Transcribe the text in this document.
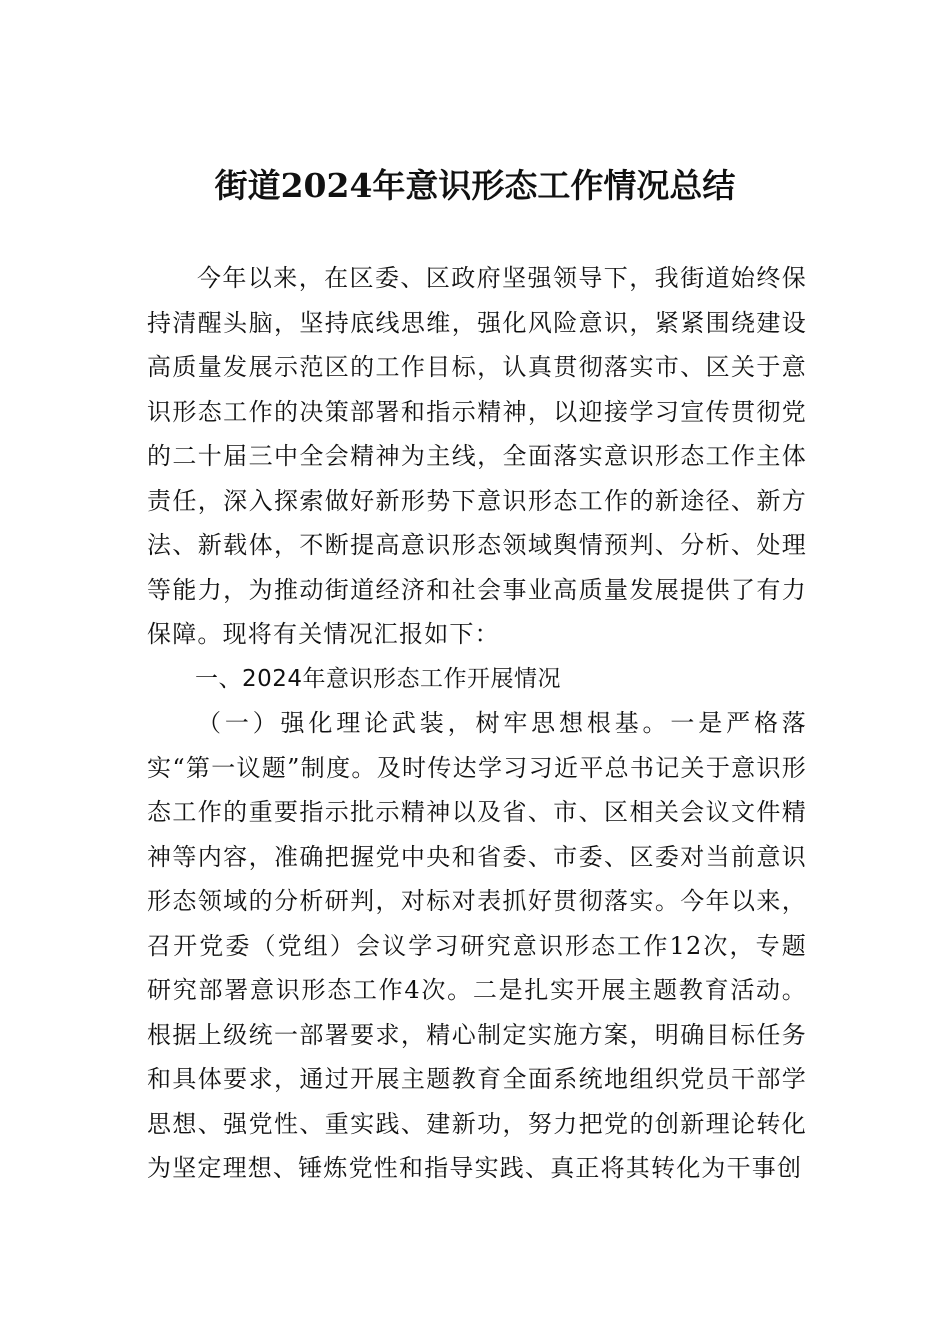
街道2024年意识形态工作情况总结

今年以来，在区委、区政府坚强领导下，我街道始终保持清醒头脑，坚持底线思维，强化风险意识，紧紧围绕建设高质量发展示范区的工作目标，认真贯彻落实市、区关于意识形态工作的决策部署和指示精神，以迎接学习宣传贯彻党的二十届三中全会精神为主线，全面落实意识形态工作主体责任，深入探索做好新形势下意识形态工作的新途径、新方法、新载体，不断提高意识形态领域舆情预判、分析、处理等能力，为推动街道经济和社会事业高质量发展提供了有力保障。现将有关情况汇报如下：

一、2024年意识形态工作开展情况

（一）强化理论武装，树牢思想根基。一是严格落实“第一议题”制度。及时传达学习习近平总书记关于意识形态工作的重要指示批示精神以及省、市、区相关会议文件精神等内容，准确把握党中央和省委、市委、区委对当前意识形态领域的分析研判，对标对表抓好贯彻落实。今年以来，召开党委（党组）会议学习研究意识形态工作12次，专题研究部署意识形态工作4次。二是扎实开展主题教育活动。根据上级统一部署要求，精心制定实施方案，明确目标任务和具体要求，通过开展主题教育全面系统地组织党员干部学思想、强党性、重实践、建新功，努力把党的创新理论转化为坚定理想、锤炼党性和指导实践、真正将其转化为干事创
